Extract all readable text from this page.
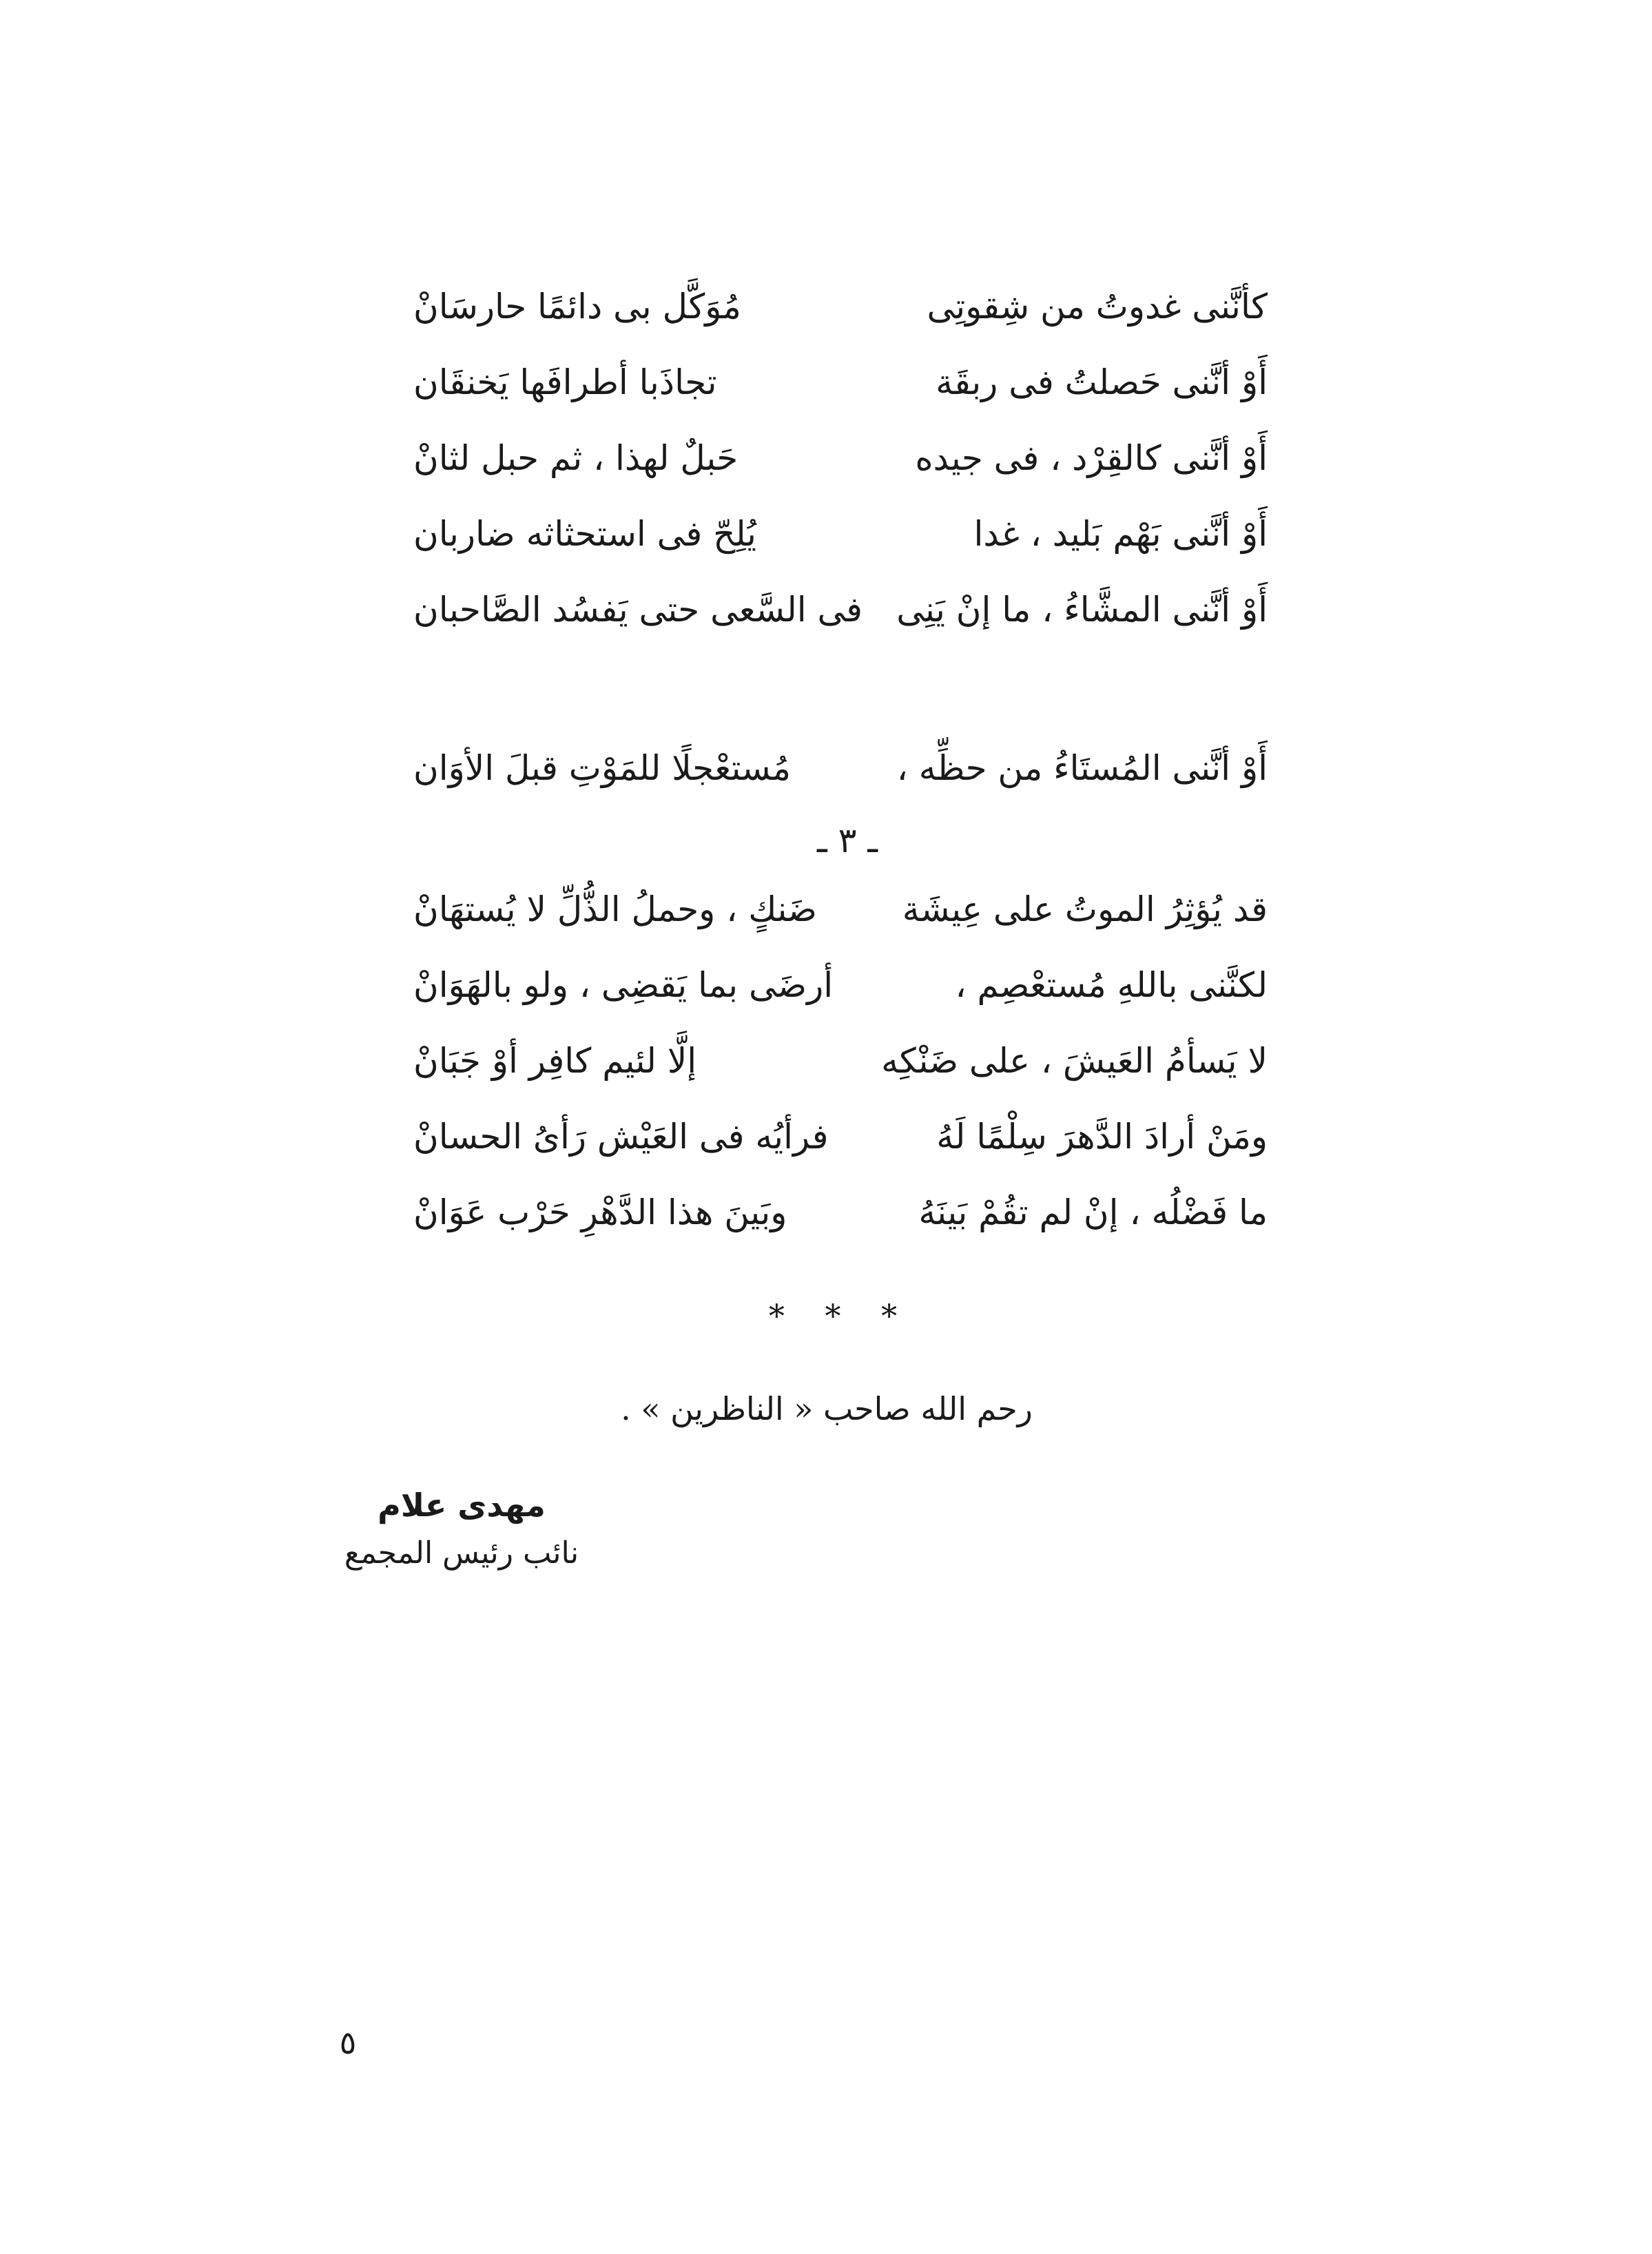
كأنَّنى غدوتُ من شِقوتِى
مُوَكَّل بى دائمًا حارسَانْ
أَوْ أنَّنى حَصلتُ فى ربقَة
تجاذَبا أطرافَها يَخنقَان
أَوْ أنَّنى كالقِرْد ، فى جيده
حَبلٌ لهذا ، ثم حبل لثانْ
أَوْ أنَّنى بَهْم بَليد ، غدا
يُلِحّ فى استحثاثه ضاربان
أَوْ أنَّنى المشَّاءُ ، ما إنْ يَنِى
فى السَّعى حتى يَفسُد الصَّاحبان
أَوْ أنَّنى المُستَاءُ من حظِّه ،
مُستعْجلًا للمَوْتِ قبلَ الأوَان
ـ ٣ ـ
قد يُؤثِرُ الموتُ على عِيشَة
ضَنكٍ ، وحملُ الذُّلِّ لا يُستهَانْ
لكنَّنى باللهِ مُستعْصِم ،
أرضَى بما يَقضِى ، ولو بالهَوَانْ
لا يَسأمُ العَيشَ ، على ضَنْكِه
إلَّا لئيم كافِر أوْ جَبَانْ
ومَنْ أرادَ الدَّهرَ سِلْمًا لَهُ
فرأيُه فى العَيْش رَأىُ الحسانْ
ما فَضْلُه ، إنْ لم تقُمْ بَينَهُ
وبَينَ هذا الدَّهْرِ حَرْب عَوَانْ
* * *
رحم الله صاحب « الناظرين » .
مهدى علام
نائب رئيس المجمع
٥
